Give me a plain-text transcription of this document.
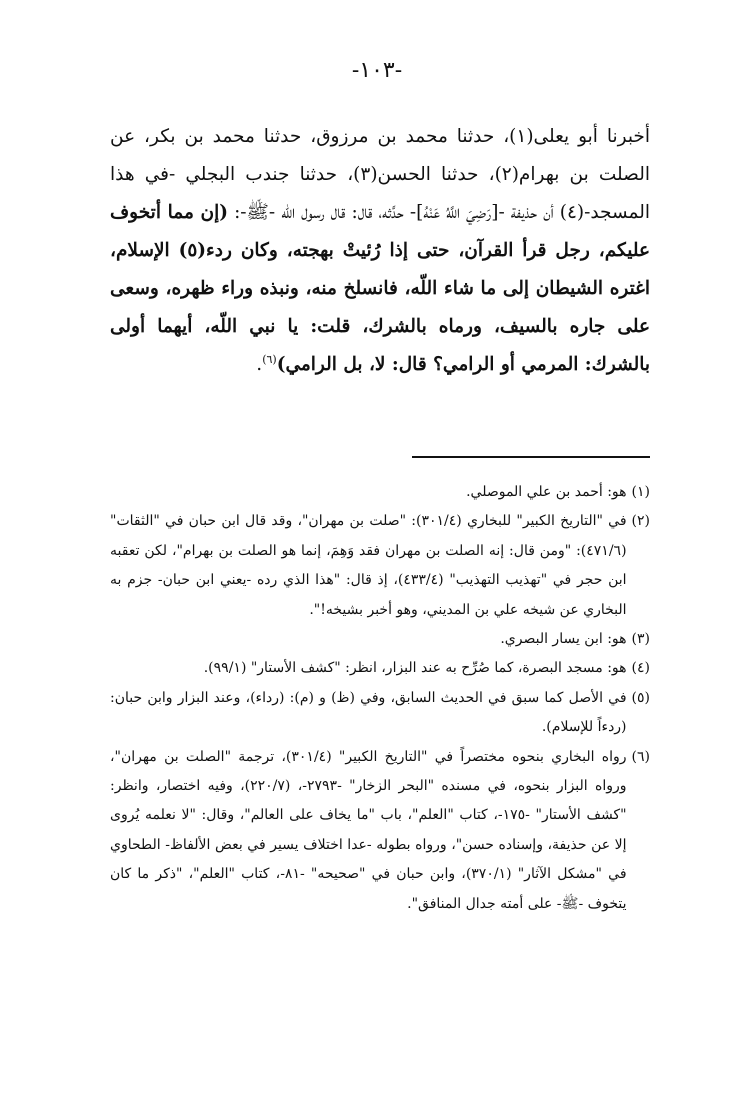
-١٠٣-

أخبرنا أبو يعلى(١)، حدثنا محمد بن مرزوق، حدثنا محمد بن بكر، عن الصلت بن بهرام(٢)، حدثنا الحسن(٣)، حدثنا جندب البجلي -في هذا المسجد-(٤) أن حذيفة -[رَضِيَ اللَّهُ عَنْهُ]- حدَّثه، قال: قال رسول اللّه -ﷺ-: (إن مما أتخوف عليكم، رجل قرأ القرآن، حتى إذا رُئيتْ بهجته، وكان ردء(٥) الإسلام، اغتره الشيطان إلى ما شاء اللّه، فانسلخ منه، ونبذه وراء ظهره، وسعى على جاره بالسيف، ورماه بالشرك، قلت: يا نبي اللّه، أيهما أولى بالشرك: المرمي أو الرامي؟ قال: لا، بل الرامي)$^{(٦)}$.

(١)
هو: أحمد بن علي الموصلي.
(٢)
في "التاريخ الكبير" للبخاري (٣٠١/٤): "صلت بن مهران"، وقد قال ابن حبان في "الثقات" (٤٧١/٦): "ومن قال: إنه الصلت بن مهران فقد وَهِمَ، إنما هو الصلت بن بهرام"، لكن تعقبه ابن حجر في "تهذيب التهذيب" (٤٣٣/٤)، إذ قال: "هذا الذي رده -يعني ابن حبان- جزم به البخاري عن شيخه علي بن المديني، وهو أخبر بشيخه!".
(٣)
هو: ابن يسار البصري.
(٤)
هو: مسجد البصرة، كما صُرِّح به عند البزار، انظر: "كشف الأستار" (٩٩/١).
(٥)
في الأصل كما سبق في الحديث السابق، وفي (ظ) و (م): (رداء)، وعند البزار وابن حبان: (ردءاً للإسلام).
(٦)
رواه البخاري بنحوه مختصراً في "التاريخ الكبير" (٣٠١/٤)، ترجمة "الصلت بن مهران"، ورواه البزار بنحوه، في مسنده "البحر الزخار" -٢٧٩٣-، (٢٢٠/٧)، وفيه اختصار، وانظر: "كشف الأستار" -١٧٥-، كتاب "العلم"، باب "ما يخاف على العالم"، وقال: "لا نعلمه يُروى إلا عن حذيفة، وإسناده حسن"، ورواه بطوله -عدا اختلاف يسير في بعض الألفاظ- الطحاوي في "مشكل الآثار" (٣٧٠/١)، وابن حبان في "صحيحه" -٨١-، كتاب "العلم"، "ذكر ما كان يتخوف -ﷺ- على أمته جدال المنافق".
